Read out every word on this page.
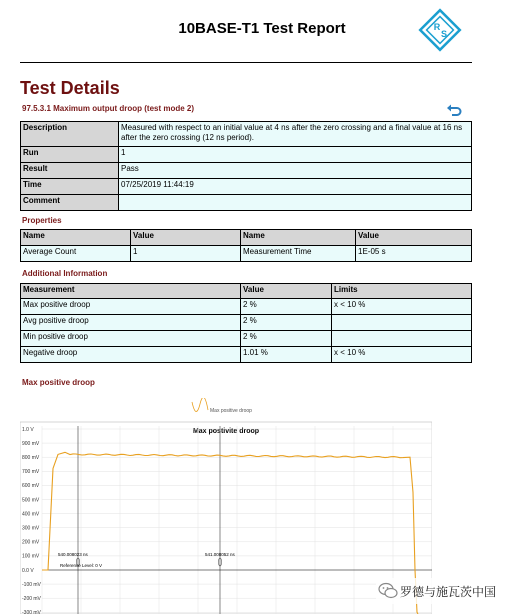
10BASE-T1 Test Report	R
S
Test Details
97.5.3.1 Maximum output droop (test mode 2)
Description	Measured with respect to an initial value at 4 ns after the zero crossing and a final value at 16 ns after the zero crossing (12 ns period).
Run	1
Result	Pass
Time	07/25/2019 11:44:19
Comment	
Properties
Name	Value	Name	Value
Average Count	1	Measurement Time	1E-05 s
Additional Information
Measurement	Value	Limits
Max positive droop	2 %	x < 10 %
Avg positive droop	2 %	
Min positive droop	2 %	
Negative droop	1.01 %	x < 10 %
Max positive droop
Max positive droop
Max postivite droop
1.0 V
900 mV
800 mV
700 mV
600 mV
500 mV
400 mV
300 mV
200 mV
100 mV
0.0 V
-100 mV
-200 mV
-300 mV
540.008023 ns	541.008052 ns
Reference Level: 0 V
罗德与施瓦茨中国
